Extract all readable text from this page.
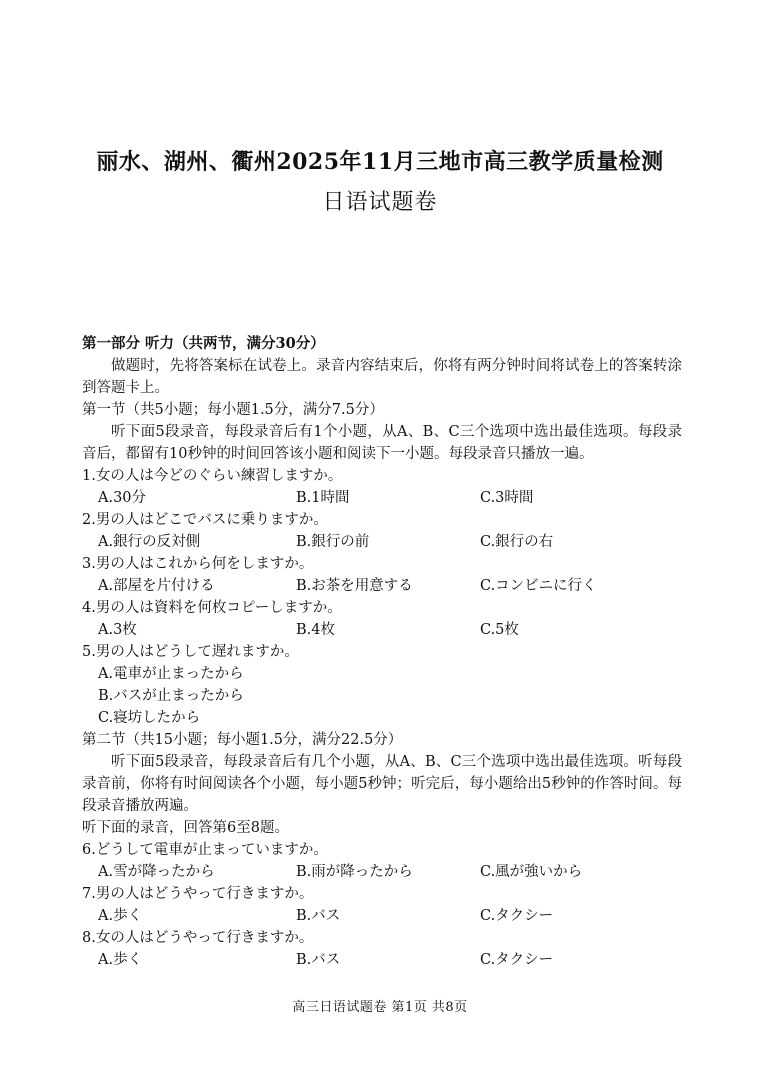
丽水、湖州、衢州2025年11月三地市高三教学质量检测
日语试题卷
第一部分 听力（共两节，满分30分）
做题时，先将答案标在试卷上。录音内容结束后，你将有两分钟时间将试卷上的答案转涂到答题卡上。
第一节（共5小题；每小题1.5分，满分7.5分）
听下面5段录音，每段录音后有1个小题，从A、B、C三个选项中选出最佳选项。每段录音后，都留有10秒钟的时间回答该小题和阅读下一小题。每段录音只播放一遍。
1.女の人は今どのぐらい練習しますか。
A.30分	B.1時間	C.3時間
2.男の人はどこでバスに乗りますか。
A.銀行の反対側	B.銀行の前	C.銀行の右
3.男の人はこれから何をしますか。
A.部屋を片付ける	B.お茶を用意する	C.コンビニに行く
4.男の人は資料を何枚コピーしますか。
A.3枚	B.4枚	C.5枚
5.男の人はどうして遅れますか。
A.電車が止まったから
B.バスが止まったから
C.寝坊したから
第二节（共15小题；每小题1.5分，满分22.5分）
听下面5段录音，每段录音后有几个小题，从A、B、C三个选项中选出最佳选项。听每段录音前，你将有时间阅读各个小题，每小题5秒钟；听完后，每小题给出5秒钟的作答时间。每段录音播放两遍。
听下面的录音，回答第6至8题。
6.どうして電車が止まっていますか。
A.雪が降ったから	B.雨が降ったから	C.風が強いから
7.男の人はどうやって行きますか。
A.歩く	B.バス	C.タクシー
8.女の人はどうやって行きますか。
A.歩く	B.バス	C.タクシー
高三日语试题卷 第1页 共8页
